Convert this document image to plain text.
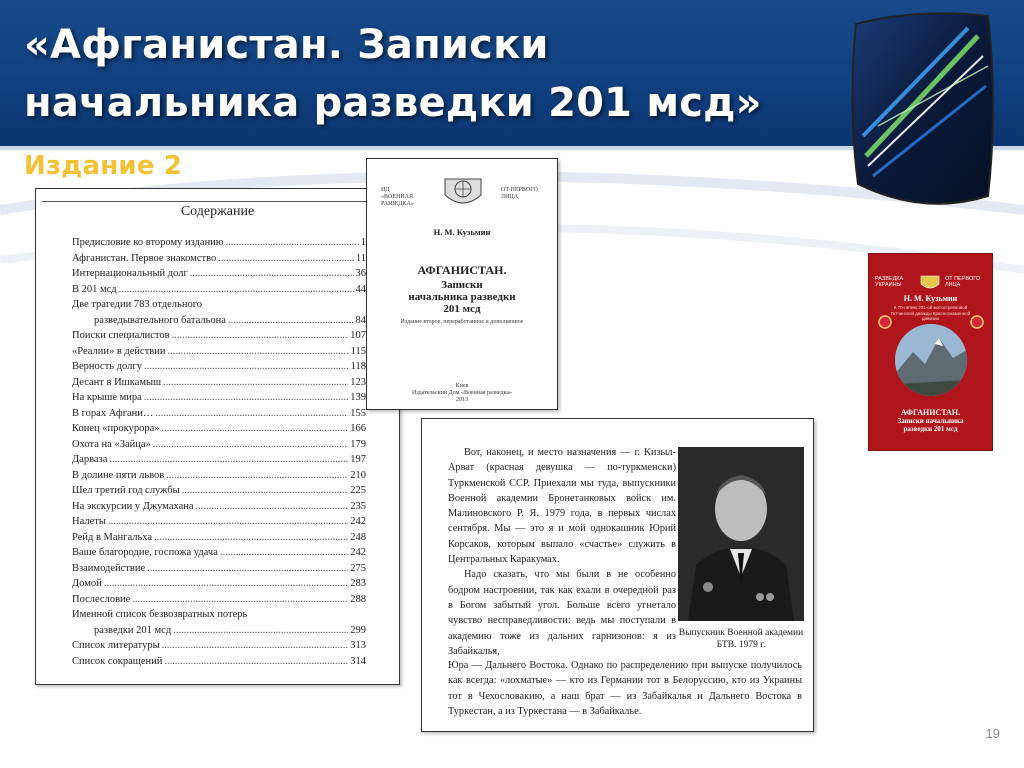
«Афганистан. Записки начальника разведки 201 мсд» Издание 2
Содержание
Предисловие ко второму изданию .....	1
Афганистан. Первое знакомство .....	11
Интернациональный долг .....	36
В 201 мсд .....	44
Две трагедии 783 отдельного
разведывательного батальона .....	84
Поиски специалистов .....	107
«Реалии» в действии .....	115
Верность долгу .....	118
Десант в Ишкамыш .....	123
На крыше мира .....	139
В горах Афгани… .....	155
Конец «прокурора» .....	166
Охота на «Зайца» .....	179
Дарваза .....	197
В долине пяти львов .....	210
Шел третий год службы .....	225
На экскурсии у Джумахана .....	235
Налеты .....	242
Рейд в Мангальха .....	248
Ваше благородие, госпожа удача .....	242
Взаимодействие .....	275
Домой .....	283
Послесловие .....	288
Именной список безвозвратных потерь
разведки 201 мсд .....	299
Список литературы .....	313
Список сокращений .....	314
ИД «ВОЕННАЯ РАЗВЕДКА»
ОТ ПЕРВОГО ЛИЦА
Н. М. Кузьмин
АФГАНИСТАН.
Записки
начальника разведки
201 мсд
Издание второе, переработанное и дополненное
Киев
Издательский Дом «Военная разведка»
2013
РАЗВЕДКА УКРАИНЫ
ОТ ПЕРВОГО ЛИЦА
Н. М. Кузьмин
К 70-летию 201-ой мотострелковой Гатчинской дважды Краснознаменной дивизии
АФГАНИСТАН.
Записки начальника
разведки 201 мсд

Вот, наконец, и место назначения — г. Кизыл-Арват (красная девушка — по-туркменски) Туркменской ССР. Приехали мы туда, выпускники Военной академии Бронетанковых войск им. Малиновского Р. Я. 1979 года, в первых числах сентября. Мы — это я и мой однокашник Юрий Корсаков, которым выпало «счастье» служить в Центральных Каракумах.

Надо сказать, что мы были в не особенно бодром настроении, так как ехали в очередной раз в Богом забытый угол. Больше всего угнетало чувство несправедливости: ведь мы поступали в академию тоже из дальних гарнизонов: я из Забайкалья,

Выпускник Военной академии БТВ. 1979 г.

Юра — Дальнего Востока. Однако по распределению при выпуске получилось как всегда: «лохматые» — кто из Германии тот в Белоруссию, кто из Украины тот в Чехословакию, а наш брат — из Забайкалья и Дальнего Востока в Туркестан, а из Туркестана — в Забайкалье.

19
